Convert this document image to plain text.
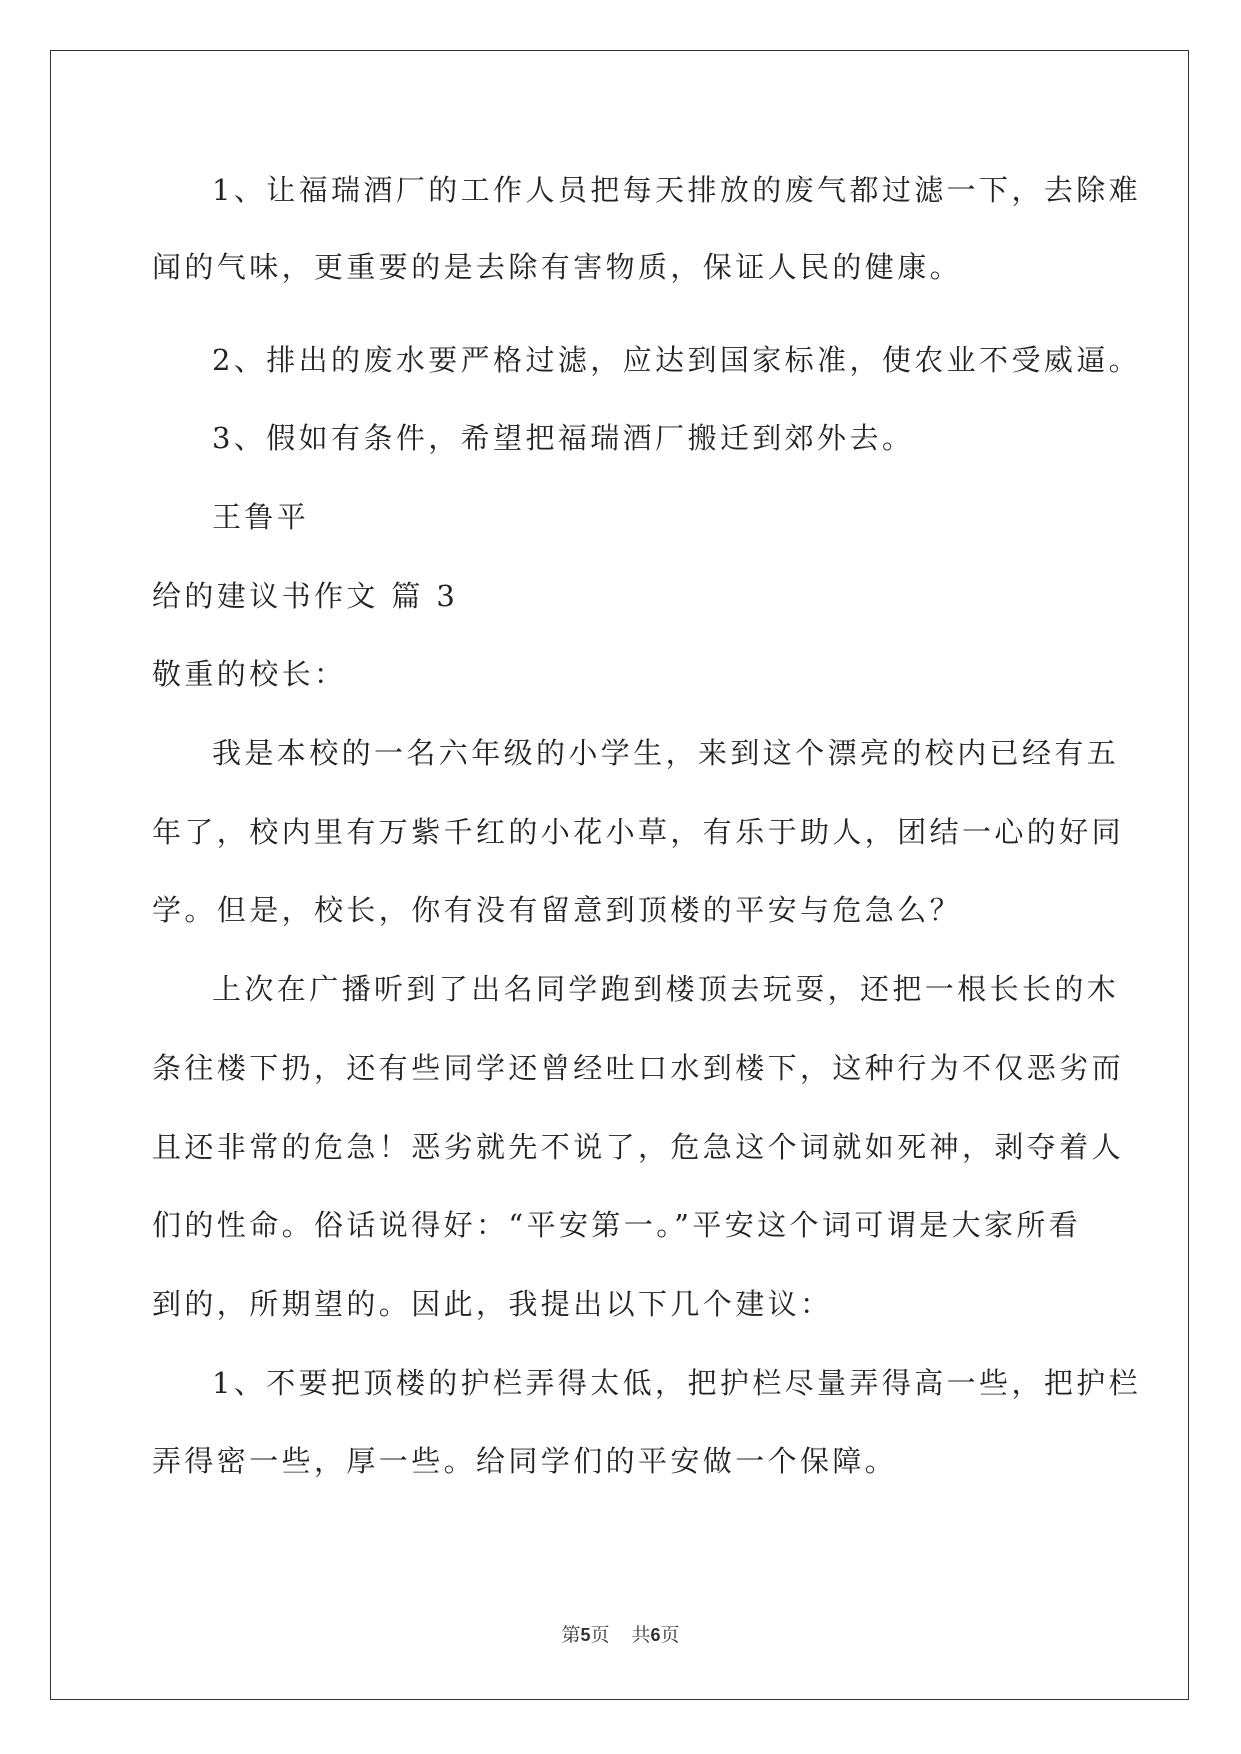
1、让福瑞酒厂的工作人员把每天排放的废气都过滤一下，去除难
闻的气味，更重要的是去除有害物质，保证人民的健康。
2、排出的废水要严格过滤，应达到国家标准，使农业不受威逼。
3、假如有条件，希望把福瑞酒厂搬迁到郊外去。
王鲁平
给的建议书作文 篇 3
敬重的校长：
我是本校的一名六年级的小学生，来到这个漂亮的校内已经有五
年了，校内里有万紫千红的小花小草，有乐于助人，团结一心的好同
学。但是，校长，你有没有留意到顶楼的平安与危急么？
上次在广播听到了出名同学跑到楼顶去玩耍，还把一根长长的木
条往楼下扔，还有些同学还曾经吐口水到楼下，这种行为不仅恶劣而
且还非常的危急！恶劣就先不说了，危急这个词就如死神，剥夺着人
们的性命。俗话说得好：“平安第一。”平安这个词可谓是大家所看
到的，所期望的。因此，我提出以下几个建议：
1、不要把顶楼的护栏弄得太低，把护栏尽量弄得高一些，把护栏
弄得密一些，厚一些。给同学们的平安做一个保障。
第5页 共6页
